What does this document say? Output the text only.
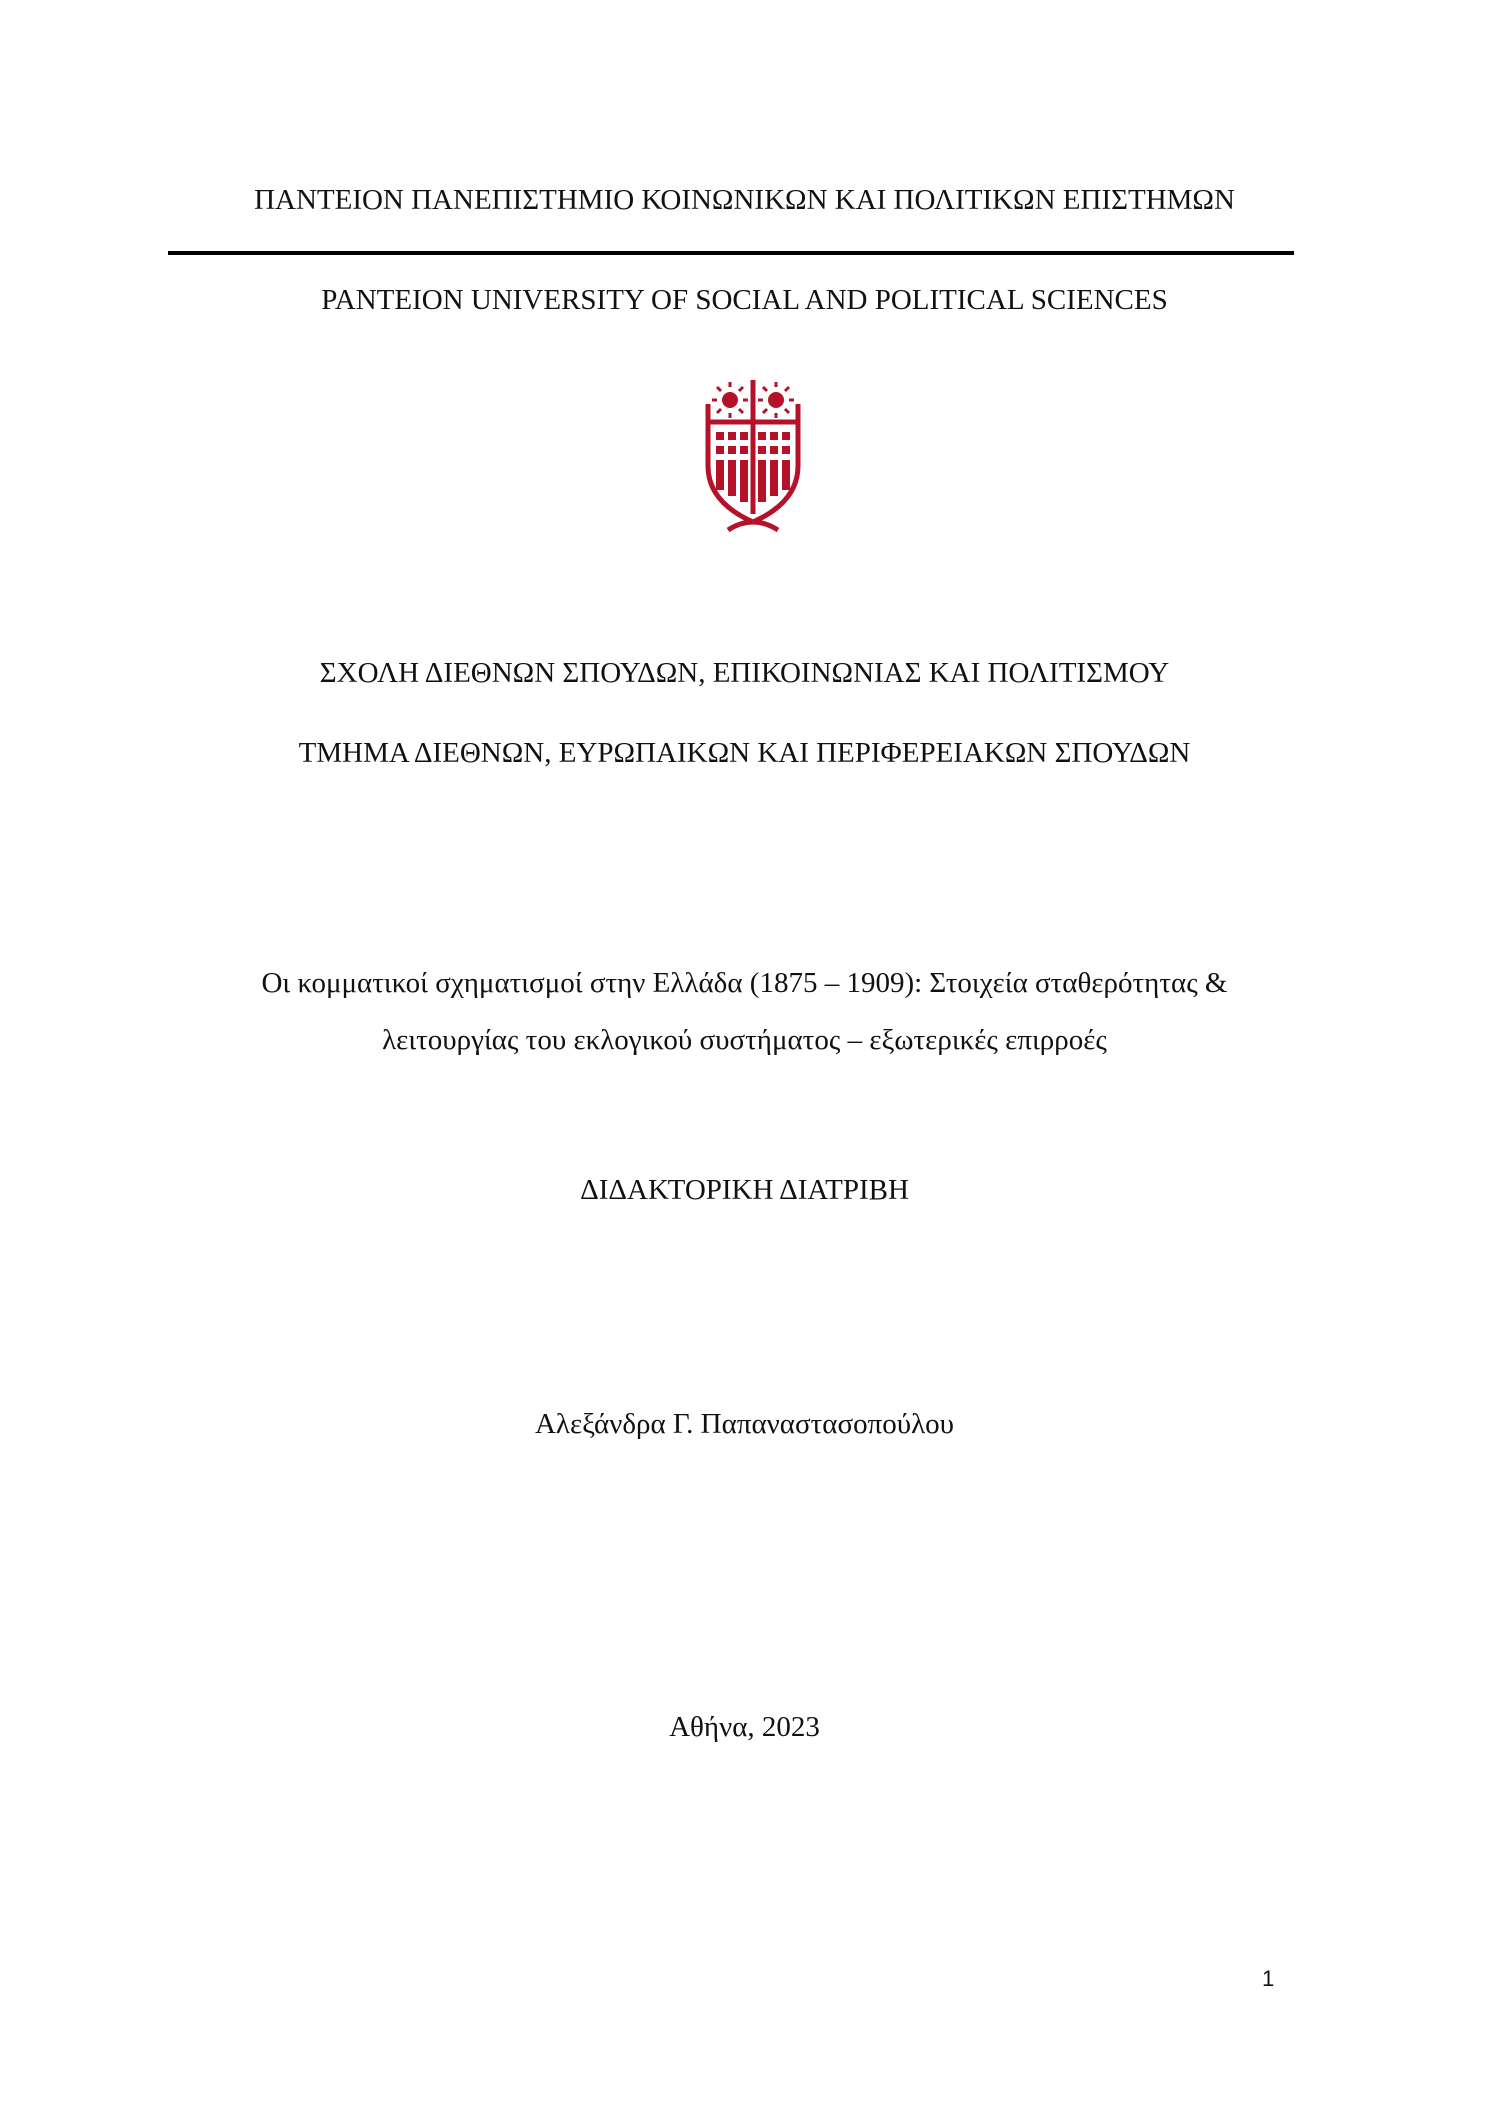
ΠΑΝΤΕΙΟΝ ΠΑΝΕΠΙΣΤΗΜΙΟ ΚΟΙΝΩΝΙΚΩΝ ΚΑΙ ΠΟΛΙΤΙΚΩΝ ΕΠΙΣΤΗΜΩΝ
PANTEION UNIVERSITY OF SOCIAL AND POLITICAL SCIENCES
ΣΧΟΛΗ ΔΙΕΘΝΩΝ ΣΠΟΥΔΩΝ, ΕΠΙΚΟΙΝΩΝΙΑΣ ΚΑΙ ΠΟΛΙΤΙΣΜΟΥ
ΤΜΗΜΑ ΔΙΕΘΝΩΝ, ΕΥΡΩΠΑΙΚΩΝ ΚΑΙ ΠΕΡΙΦΕΡΕΙΑΚΩΝ ΣΠΟΥΔΩΝ
Οι κομματικοί σχηματισμοί στην Ελλάδα (1875 – 1909): Στοιχεία σταθερότητας &
λειτουργίας του εκλογικού συστήματος – εξωτερικές επιρροές
ΔΙΔΑΚΤΟΡΙΚΗ ΔΙΑΤΡΙΒΗ
Αλεξάνδρα Γ. Παπαναστασοπούλου
Αθήνα, 2023
1
